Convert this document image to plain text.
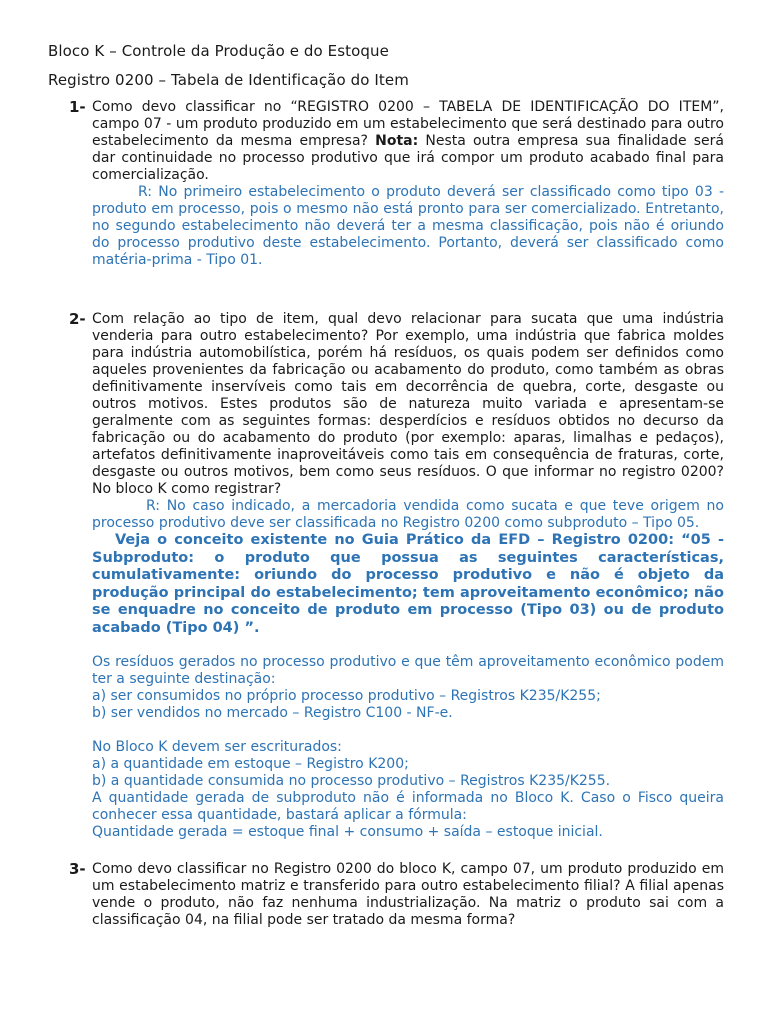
Bloco K – Controle da Produção e do Estoque
Registro 0200 – Tabela de Identificação do Item
1- Como devo classificar no “REGISTRO 0200 – TABELA DE IDENTIFICAÇÃO DO ITEM”, campo 07 - um produto produzido em um estabelecimento que será destinado para outro estabelecimento da mesma empresa? Nota: Nesta outra empresa sua finalidade será dar continuidade no processo produtivo que irá compor um produto acabado final para comercialização.

R: No primeiro estabelecimento o produto deverá ser classificado como tipo 03 - produto em processo, pois o mesmo não está pronto para ser comercializado. Entretanto, no segundo estabelecimento não deverá ter a mesma classificação, pois não é oriundo do processo produtivo deste estabelecimento. Portanto, deverá ser classificado como matéria-prima - Tipo 01.

2- Com relação ao tipo de item, qual devo relacionar para sucata que uma indústria venderia para outro estabelecimento? Por exemplo, uma indústria que fabrica moldes para indústria automobilística, porém há resíduos, os quais podem ser definidos como aqueles provenientes da fabricação ou acabamento do produto, como também as obras definitivamente inservíveis como tais em decorrência de quebra, corte, desgaste ou outros motivos. Estes produtos são de natureza muito variada e apresentam-se geralmente com as seguintes formas: desperdícios e resíduos obtidos no decurso da fabricação ou do acabamento do produto (por exemplo: aparas, limalhas e pedaços), artefatos definitivamente inaproveitáveis como tais em consequência de fraturas, corte, desgaste ou outros motivos, bem como seus resíduos. O que informar no registro 0200? No bloco K como registrar?

R: No caso indicado, a mercadoria vendida como sucata e que teve origem no processo produtivo deve ser classificada no Registro 0200 como subproduto – Tipo 05.

Veja o conceito existente no Guia Prático da EFD – Registro 0200: “05 - Subproduto: o produto que possua as seguintes características, cumulativamente: oriundo do processo produtivo e não é objeto da produção principal do estabelecimento; tem aproveitamento econômico; não se enquadre no conceito de produto em processo (Tipo 03) ou de produto acabado (Tipo 04) ”.

Os resíduos gerados no processo produtivo e que têm aproveitamento econômico podem ter a seguinte destinação:

a) ser consumidos no próprio processo produtivo – Registros K235/K255;

b) ser vendidos no mercado – Registro C100 - NF-e.

No Bloco K devem ser escriturados:

a) a quantidade em estoque – Registro K200;

b) a quantidade consumida no processo produtivo – Registros K235/K255.

A quantidade gerada de subproduto não é informada no Bloco K. Caso o Fisco queira conhecer essa quantidade, bastará aplicar a fórmula:

Quantidade gerada = estoque final + consumo + saída – estoque inicial.

3- Como devo classificar no Registro 0200 do bloco K, campo 07, um produto produzido em um estabelecimento matriz e transferido para outro estabelecimento filial? A filial apenas vende o produto, não faz nenhuma industrialização. Na matriz o produto sai com a classificação 04, na filial pode ser tratado da mesma forma?
